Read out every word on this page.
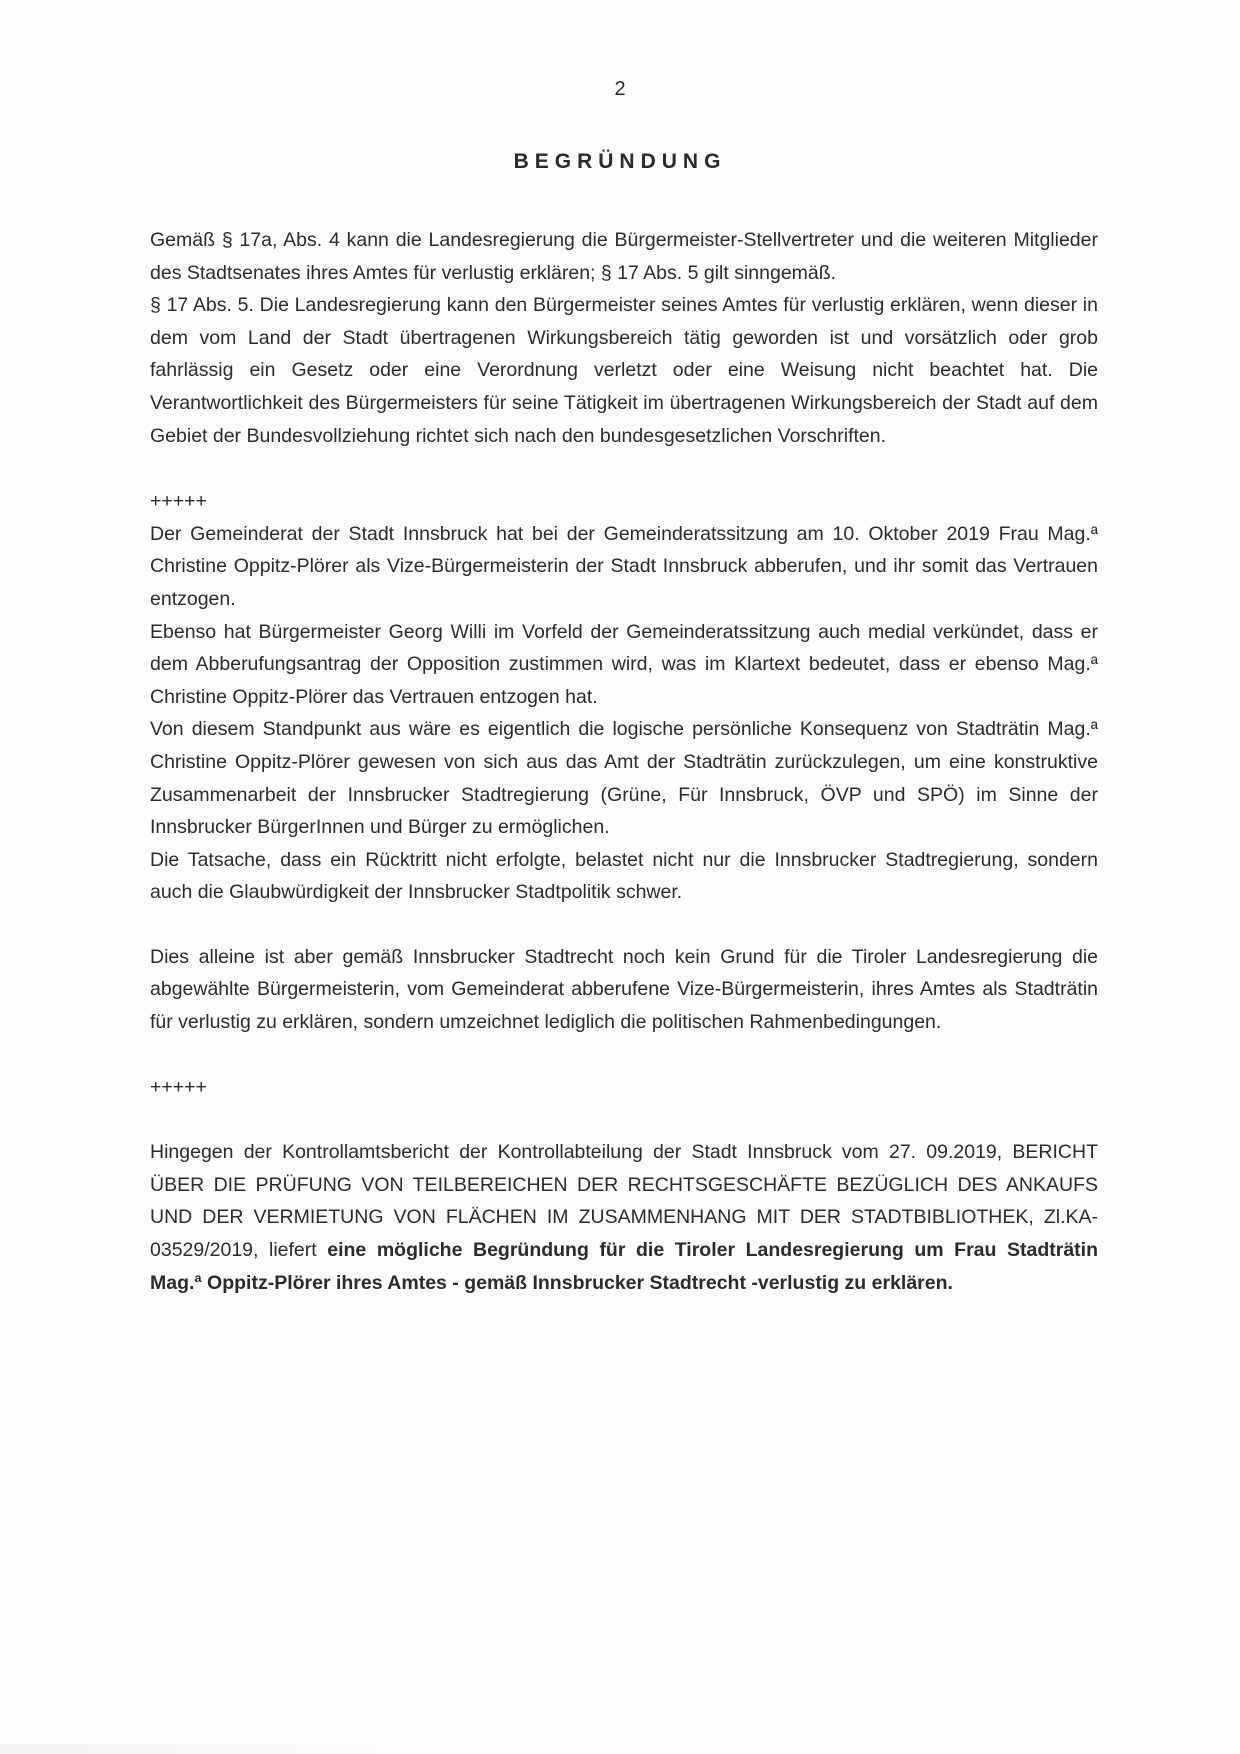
2
BEGRÜNDUNG

Gemäß § 17a, Abs. 4 kann die Landesregierung die Bürgermeister-Stellvertreter und die weiteren Mitglieder des Stadtsenates ihres Amtes für verlustig erklären; § 17 Abs. 5 gilt sinngemäß.

§ 17 Abs. 5. Die Landesregierung kann den Bürgermeister seines Amtes für verlustig erklären, wenn dieser in dem vom Land der Stadt übertragenen Wirkungsbereich tätig geworden ist und vorsätzlich oder grob fahrlässig ein Gesetz oder eine Verordnung verletzt oder eine Weisung nicht beachtet hat. Die Verantwortlichkeit des Bürgermeisters für seine Tätigkeit im übertragenen Wirkungsbereich der Stadt auf dem Gebiet der Bundesvollziehung richtet sich nach den bundesgesetzlichen Vorschriften.

+++++

Der Gemeinderat der Stadt Innsbruck hat bei der Gemeinderatssitzung am 10. Oktober 2019 Frau Mag.ª Christine Oppitz-Plörer als Vize-Bürgermeisterin der Stadt Innsbruck abberufen, und ihr somit das Vertrauen entzogen.

Ebenso hat Bürgermeister Georg Willi im Vorfeld der Gemeinderatssitzung auch medial verkündet, dass er dem Abberufungsantrag der Opposition zustimmen wird, was im Klartext bedeutet, dass er ebenso Mag.ª Christine Oppitz-Plörer das Vertrauen entzogen hat.

Von diesem Standpunkt aus wäre es eigentlich die logische persönliche Konsequenz von Stadträtin Mag.ª Christine Oppitz-Plörer gewesen von sich aus das Amt der Stadträtin zurückzulegen, um eine konstruktive Zusammenarbeit der Innsbrucker Stadtregierung (Grüne, Für Innsbruck, ÖVP und SPÖ) im Sinne der Innsbrucker BürgerInnen und Bürger zu ermöglichen.

Die Tatsache, dass ein Rücktritt nicht erfolgte, belastet nicht nur die Innsbrucker Stadtregierung, sondern auch die Glaubwürdigkeit der Innsbrucker Stadtpolitik schwer.

Dies alleine ist aber gemäß Innsbrucker Stadtrecht noch kein Grund für die Tiroler Landesregierung die abgewählte Bürgermeisterin, vom Gemeinderat abberufene Vize-Bürgermeisterin, ihres Amtes als Stadträtin für verlustig zu erklären, sondern umzeichnet lediglich die politischen Rahmenbedingungen.

+++++

Hingegen der Kontrollamtsbericht der Kontrollabteilung der Stadt Innsbruck vom 27. 09.2019, BERICHT ÜBER DIE PRÜFUNG VON TEILBEREICHEN DER RECHTSGESCHÄFTE BEZÜGLICH DES ANKAUFS UND DER VERMIETUNG VON FLÄCHEN IM ZUSAMMENHANG MIT DER STADTBIBLIOTHEK, Zl.KA-03529/2019, liefert eine mögliche Begründung für die Tiroler Landesregierung um Frau Stadträtin Mag.ª Oppitz-Plörer ihres Amtes - gemäß Innsbrucker Stadtrecht -verlustig zu erklären.
